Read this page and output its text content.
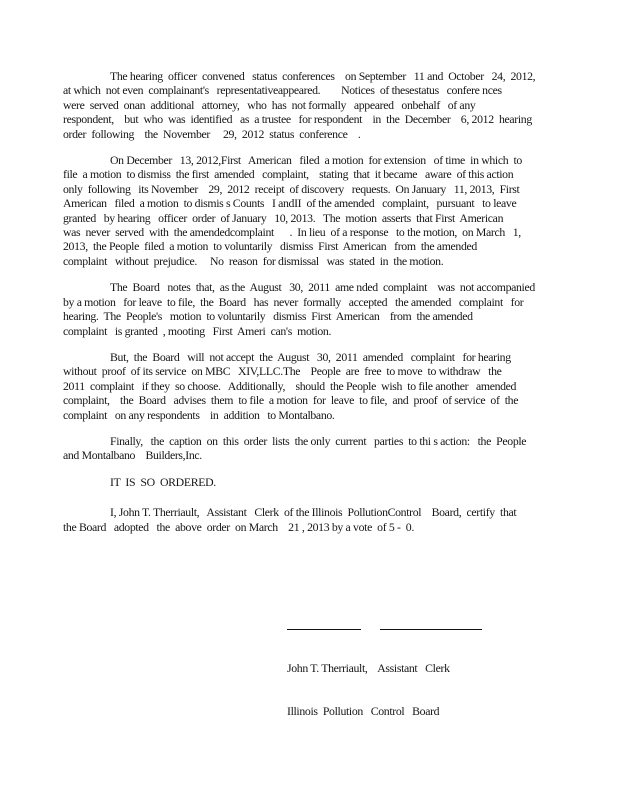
The hearing  officer  convened   status  conferences    on September   11 and  October   24,  2012,
at which  not even  complainant's   representativeappeared.        Notices  of thesestatus   confere nces
were  served  onan  additional   attorney,   who  has  not formally   appeared   onbehalf   of any
respondent,    but  who  was  identified   as  a trustee   for respondent    in  the  December    6, 2012  hearing
order  following    the  November     29,  2012  status  conference    .

On December   13, 2012,First   American   filed  a motion  for extension   of time  in which  to
file  a motion  to dismiss  the first  amended   complaint,    stating  that  it became   aware  of this action
only  following   its November    29,  2012  receipt  of discovery   requests.  On January   11, 2013,  First
American   filed  a motion  to dismis s Counts   I andII  of the amended   complaint,   pursuant   to leave
granted   by hearing   officer  order  of January   10, 2013.   The  motion  asserts  that First  American
was  never  served  with  the amendedcomplaint      .  In lieu  of a response   to the motion,  on March   1,
2013,  the People  filed  a motion  to voluntarily   dismiss  First  American   from  the amended
complaint   without  prejudice.     No  reason  for dismissal   was  stated  in  the motion.

The  Board   notes  that,  as the  August   30,  2011  ame nded  complaint    was  not accompanied
by a motion   for leave  to file,  the  Board   has  never  formally   accepted   the amended   complaint   for
hearing.  The  People's   motion  to voluntarily   dismiss  First  American    from  the amended
complaint   is granted  , mooting   First  Ameri  can's  motion.

But,  the  Board   will  not accept  the  August   30,  2011  amended   complaint   for hearing
without  proof  of its service  on MBC   XIV,LLC.The    People  are  free  to move  to withdraw   the
2011  complaint   if they  so choose.   Additionally,    should  the People  wish  to file another   amended
complaint,    the  Board   advises  them  to file  a motion  for  leave  to file,  and  proof  of service  of  the
complaint   on any respondents    in  addition   to Montalbano.

Finally,   the  caption  on  this  order  lists  the only  current   parties  to thi s action:   the  People
and Montalbano    Builders,Inc.

IT  IS  SO  ORDERED.

I, John T. Therriault,   Assistant   Clerk  of the Illinois  PollutionControl    Board,  certify  that
the Board   adopted   the  above  order  on March    21 , 2013 by a vote  of 5 -  0.

John T. Therriault,    Assistant   Clerk

Illinois  Pollution   Control   Board
